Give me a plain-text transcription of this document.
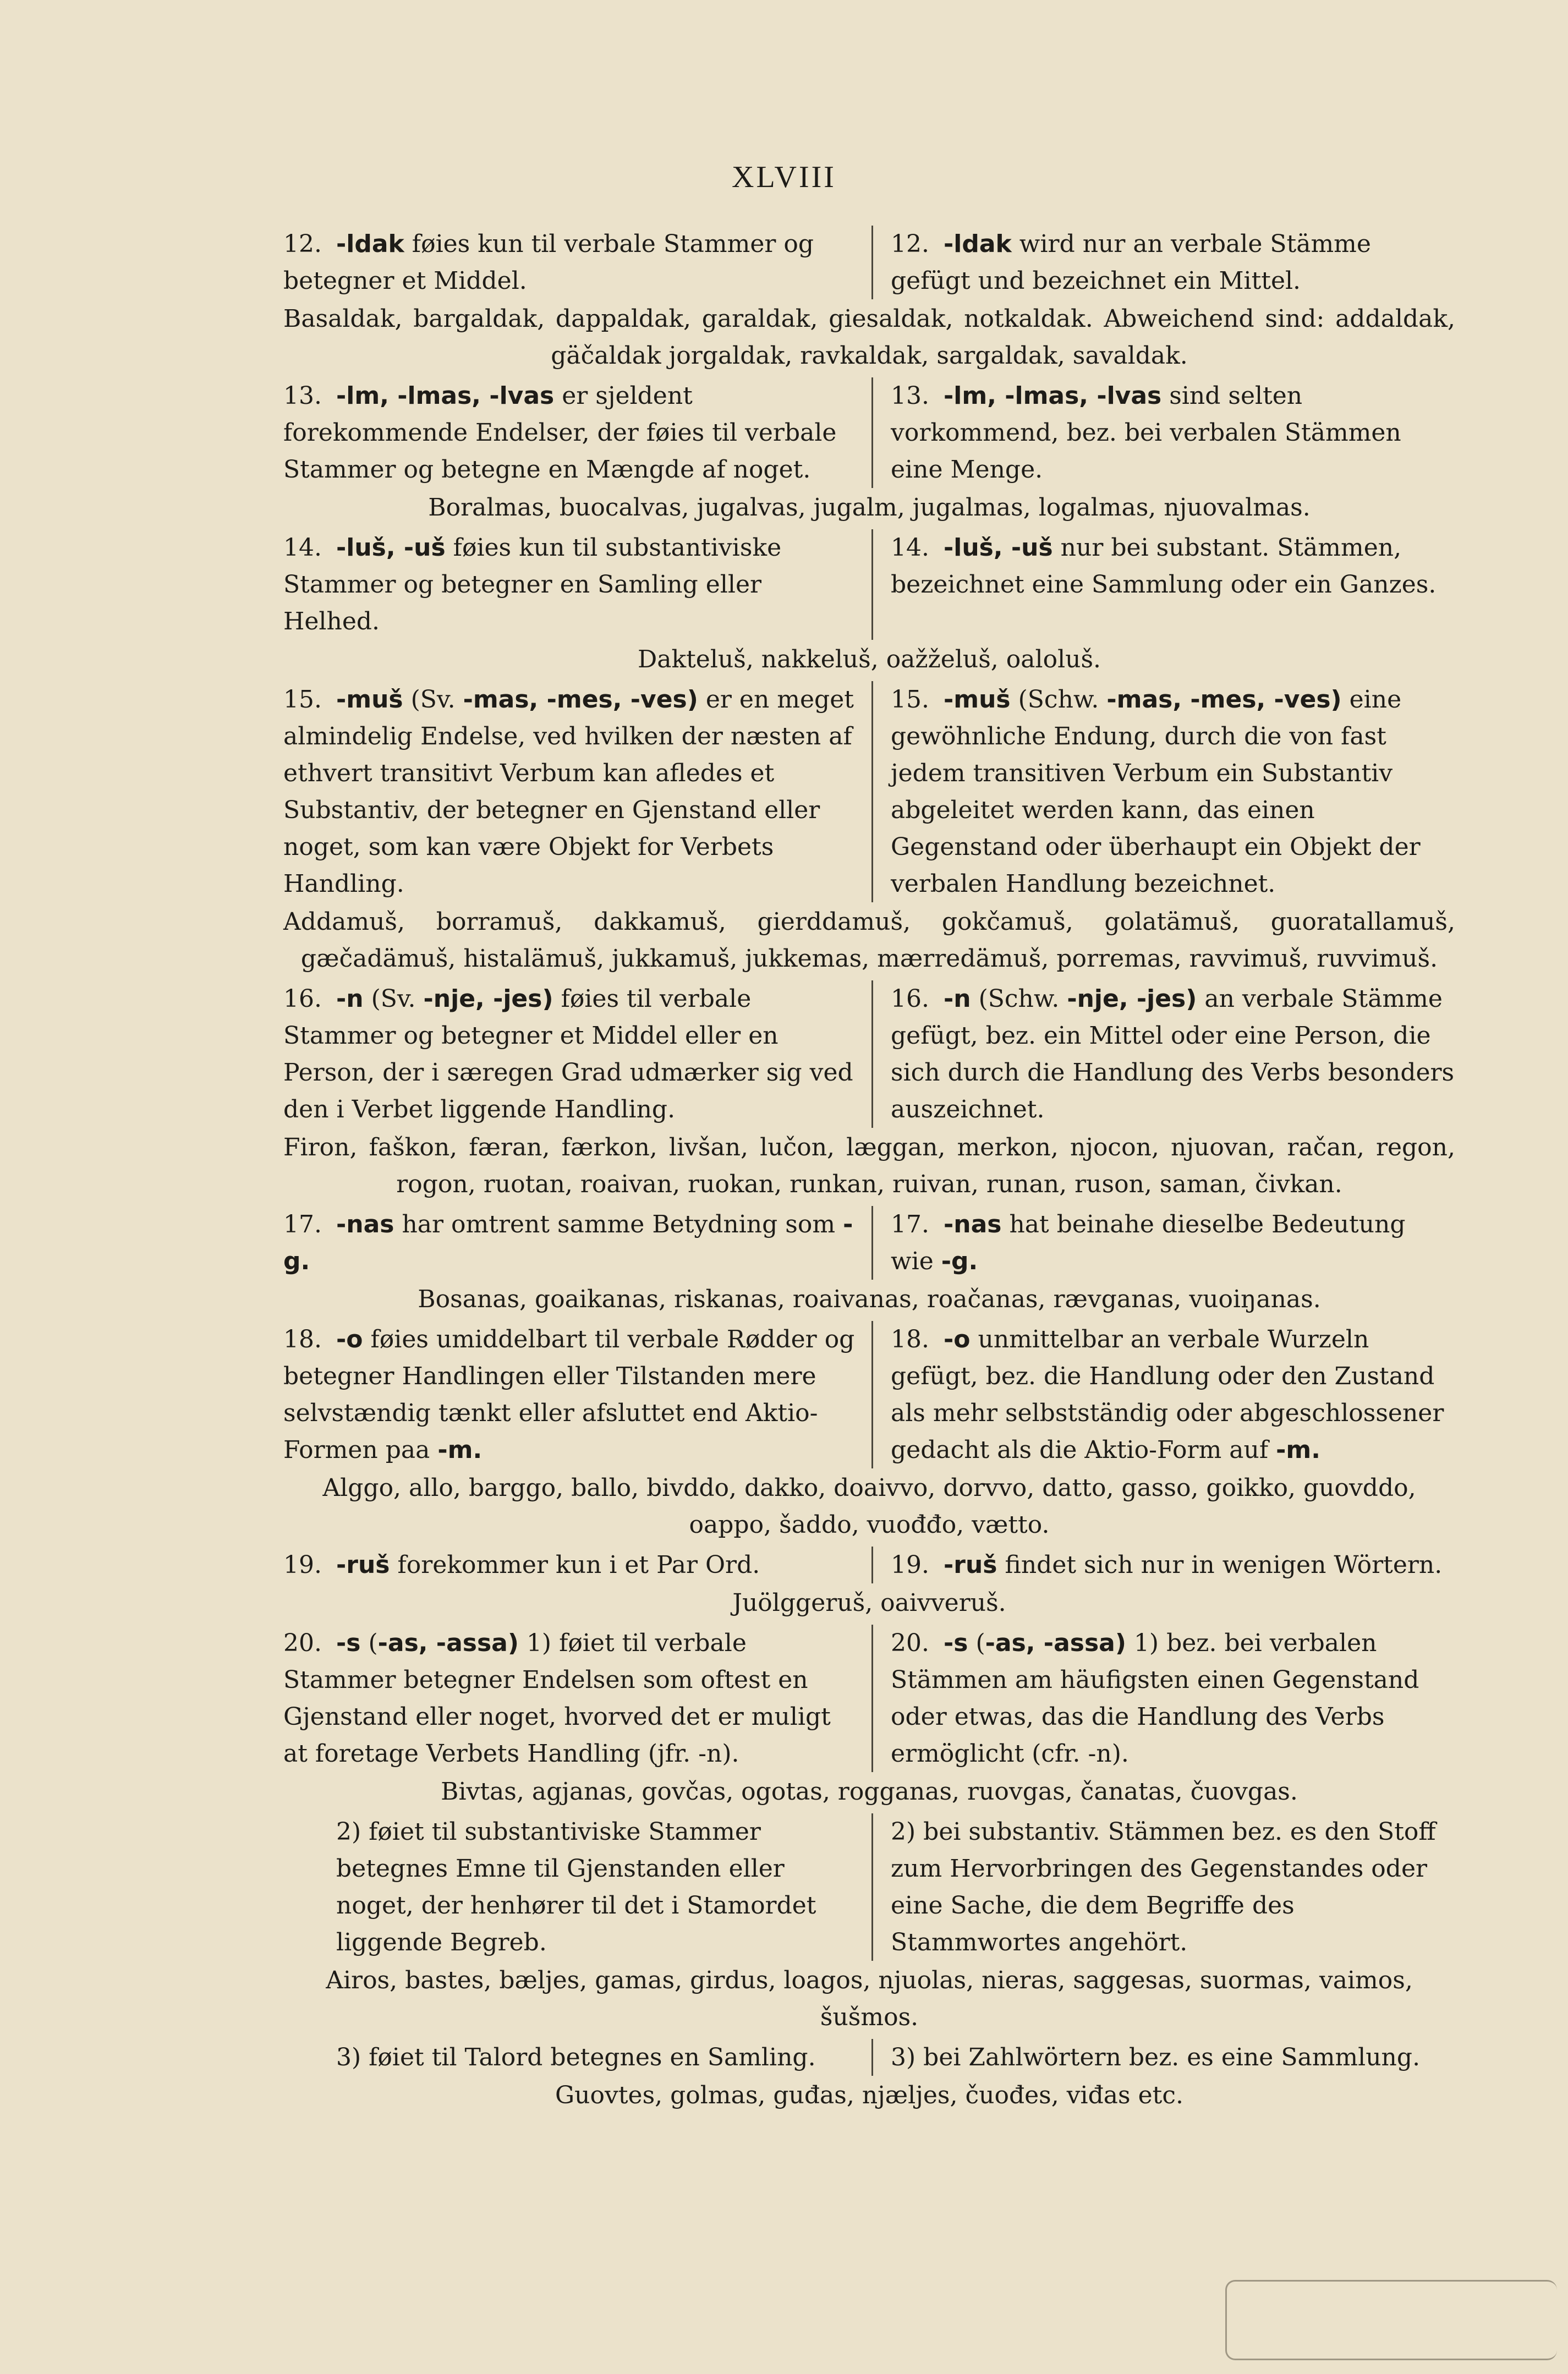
XLVIII
12. -ldak føies kun til verbale Stammer og betegner et Middel.
12. -ldak wird nur an verbale Stämme gefügt und bezeichnet ein Mittel.
Basaldak, bargaldak, dappaldak, garaldak, giesaldak, notkaldak. Abweichend sind: addaldak, gäčaldak jorgaldak, ravkaldak, sargaldak, savaldak.
13. -lm, -lmas, -lvas er sjeldent forekommende Endelser, der føies til verbale Stammer og betegne en Mængde af noget.
13. -lm, -lmas, -lvas sind selten vorkommend, bez. bei verbalen Stämmen eine Menge.
Boralmas, buocalvas, jugalvas, jugalm, jugalmas, logalmas, njuovalmas.
14. -luš, -uš føies kun til substantiviske Stammer og betegner en Samling eller Helhed.
14. -luš, -uš nur bei substant. Stämmen, bezeichnet eine Sammlung oder ein Ganzes.
Dakteluš, nakkeluš, oažželuš, oaloluš.
15. -muš (Sv. -mas, -mes, -ves) er en meget almindelig Endelse, ved hvilken der næsten af ethvert transitivt Verbum kan afledes et Substantiv, der betegner en Gjenstand eller noget, som kan være Objekt for Verbets Handling.
15. -muš (Schw. -mas, -mes, -ves) eine gewöhnliche Endung, durch die von fast jedem transitiven Verbum ein Substantiv abgeleitet werden kann, das einen Gegenstand oder überhaupt ein Objekt der verbalen Handlung bezeichnet.
Addamuš, borramuš, dakkamuš, gierddamuš, gokčamuš, golatämuš, guoratallamuš, gæčadämuš, histalämuš, jukkamuš, jukkemas, mærredämuš, porremas, ravvimuš, ruvvimuš.
16. -n (Sv. -nje, -jes) føies til verbale Stammer og betegner et Middel eller en Person, der i særegen Grad udmærker sig ved den i Verbet liggende Handling.
16. -n (Schw. -nje, -jes) an verbale Stämme gefügt, bez. ein Mittel oder eine Person, die sich durch die Handlung des Verbs besonders auszeichnet.
Firon, faškon, færan, færkon, livšan, lučon, læggan, merkon, njocon, njuovan, račan, regon, rogon, ruotan, roaivan, ruokan, runkan, ruivan, runan, ruson, saman, čivkan.
17. -nas har omtrent samme Betydning som -g.
17. -nas hat beinahe dieselbe Bedeutung wie -g.
Bosanas, goaikanas, riskanas, roaivanas, roačanas, rævganas, vuoiŋanas.
18. -o føies umiddelbart til verbale Rødder og betegner Handlingen eller Tilstanden mere selvstændig tænkt eller afsluttet end Aktio-Formen paa -m.
18. -o unmittelbar an verbale Wurzeln gefügt, bez. die Handlung oder den Zustand als mehr selbstständig oder abgeschlossener gedacht als die Aktio-Form auf -m.
Alggo, allo, barggo, ballo, bivddo, dakko, doaivvo, dorvvo, datto, gasso, goikko, guovddo, oappo, šaddo, vuođđo, vætto.
19. -ruš forekommer kun i et Par Ord.	19. -ruš findet sich nur in wenigen Wörtern.
Juölggeruš, oaivveruš.
20. -s (-as, -assa) 1) føiet til verbale Stammer betegner Endelsen som oftest en Gjenstand eller noget, hvorved det er muligt at foretage Verbets Handling (jfr. -n).
20. -s (-as, -assa) 1) bez. bei verbalen Stämmen am häufigsten einen Gegenstand oder etwas, das die Handlung des Verbs ermöglicht (cfr. -n).
Bivtas, agjanas, govčas, ogotas, rogganas, ruovgas, čanatas, čuovgas.
2) føiet til substantiviske Stammer betegnes Emne til Gjenstanden eller noget, der henhører til det i Stamordet liggende Begreb.
2) bei substantiv. Stämmen bez. es den Stoff zum Hervorbringen des Gegenstandes oder eine Sache, die dem Begriffe des Stammwortes angehört.
Airos, bastes, bæljes, gamas, girdus, loagos, njuolas, nieras, saggesas, suormas, vaimos, šušmos.
3) føiet til Talord betegnes en Samling.	3) bei Zahlwörtern bez. es eine Sammlung.
Guovtes, golmas, guđas, njæljes, čuođes, viđas etc.
